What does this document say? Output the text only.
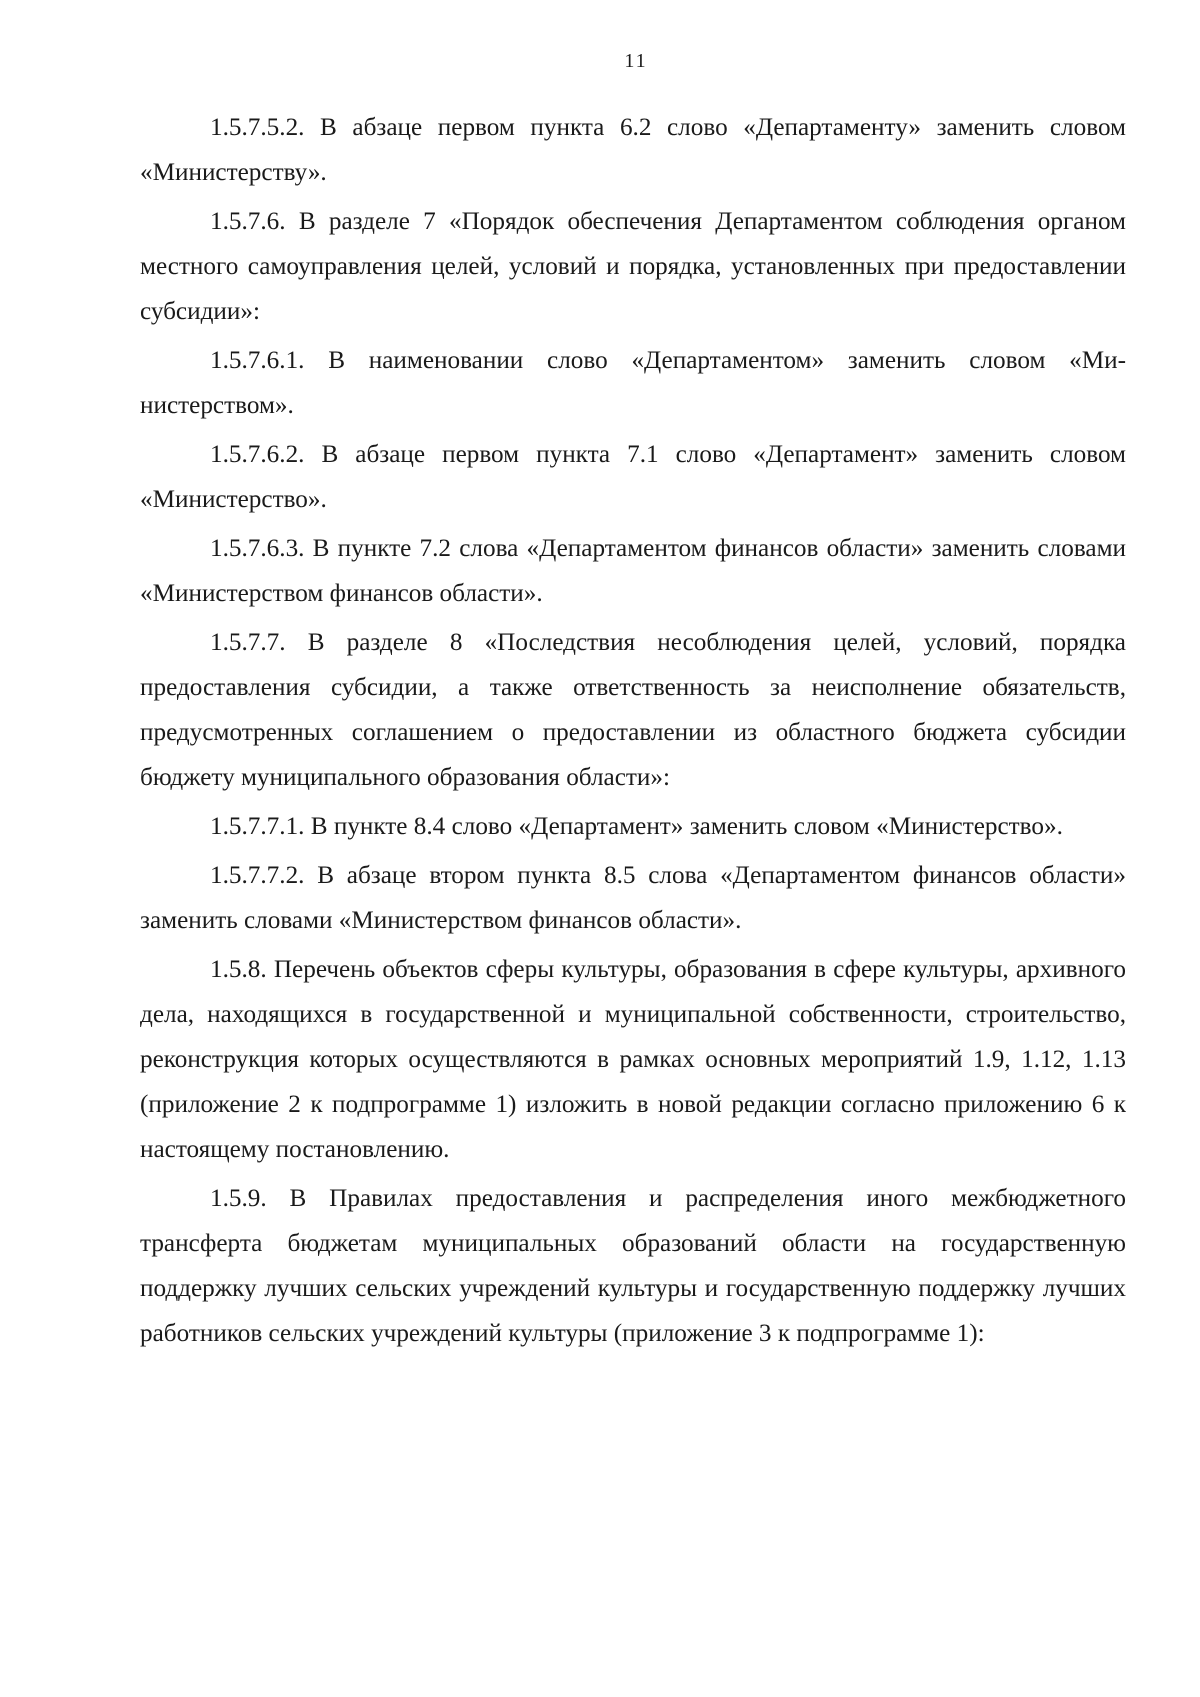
11

1.5.7.5.2. В абзаце первом пункта 6.2 слово «Департаменту» заменить словом «Министерству».

1.5.7.6. В разделе 7 «Порядок обеспечения Департаментом соблюдения органом местного самоуправления целей, условий и порядка, установленных при предоставлении субсидии»:

1.5.7.6.1. В наименовании слово «Департаментом» заменить словом «Министерством».

1.5.7.6.2. В абзаце первом пункта 7.1 слово «Департамент» заменить словом «Министерство».

1.5.7.6.3. В пункте 7.2 слова «Департаментом финансов области» заменить словами «Министерством финансов области».

1.5.7.7. В разделе 8 «Последствия несоблюдения целей, условий, порядка предоставления субсидии, а также ответственность за неисполнение обязательств, предусмотренных соглашением о предоставлении из областного бюджета субсидии бюджету муниципального образования области»:

1.5.7.7.1. В пункте 8.4 слово «Департамент» заменить словом «Министерство».

1.5.7.7.2. В абзаце втором пункта 8.5 слова «Департаментом финансов области» заменить словами «Министерством финансов области».

1.5.8. Перечень объектов сферы культуры, образования в сфере культуры, архивного дела, находящихся в государственной и муниципальной собственности, строительство, реконструкция которых осуществляются в рамках основных мероприятий 1.9, 1.12, 1.13 (приложение 2 к подпрограмме 1) изложить в новой редакции согласно приложению 6 к настоящему постановлению.

1.5.9. В Правилах предоставления и распределения иного межбюджетного трансферта бюджетам муниципальных образований области на государственную поддержку лучших сельских учреждений культуры и государственную поддержку лучших работников сельских учреждений культуры (приложение 3 к подпрограмме 1):
